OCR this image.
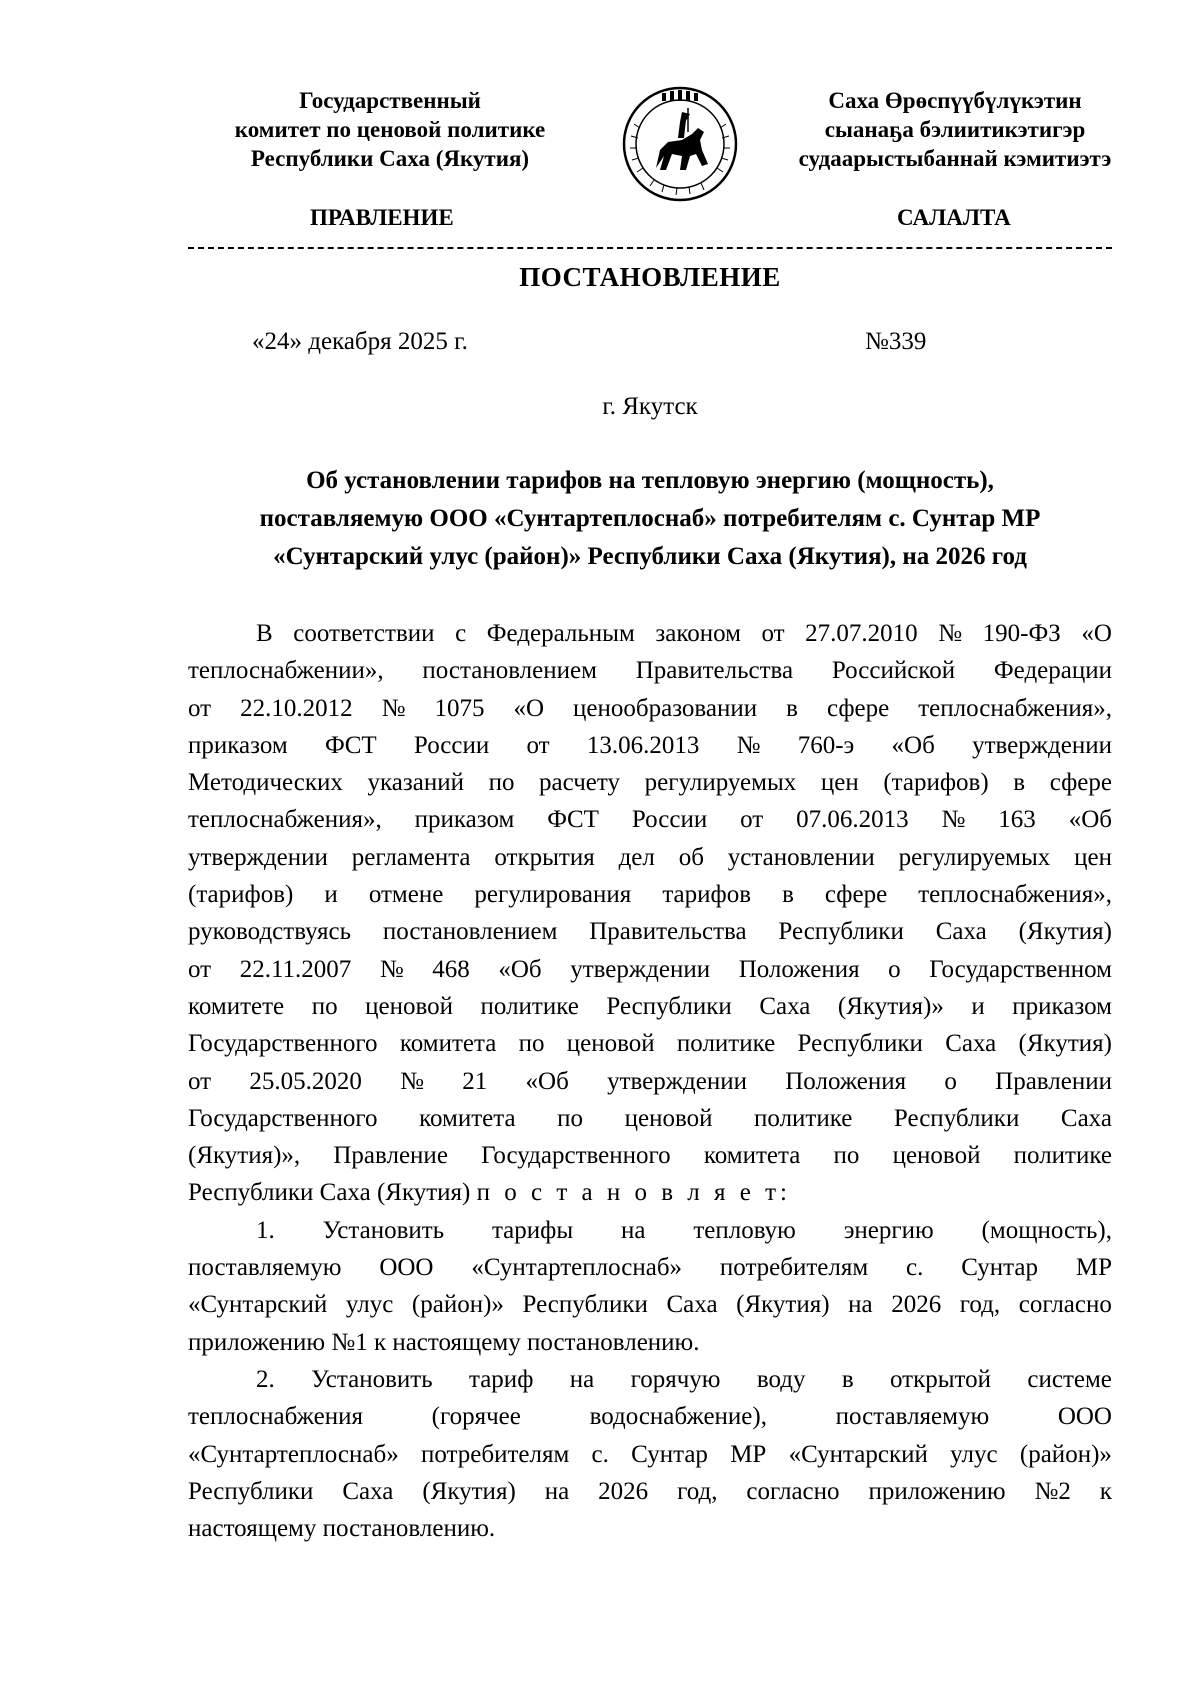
Государственный
комитет по ценовой политике
Республики Саха (Якутия)
Саха Өрөспүүбүлүкэтин
сыанаҕа бэлиитикэтигэр
судаарыстыбаннай кэмитиэтэ
ПРАВЛЕНИЕ	САЛАЛТА
ПОСТАНОВЛЕНИЕ
«24» декабря 2025 г.	№339
г. Якутск
Об установлении тарифов на тепловую энергию (мощность),
поставляемую ООО «Сунтартеплоснаб» потребителям с. Сунтар МР
«Сунтарский улус (район)» Республики Саха (Якутия), на 2026 год
В соответствии с Федеральным законом от 27.07.2010 № 190-ФЗ «О
теплоснабжении», постановлением Правительства Российской Федерации
от 22.10.2012 № 1075 «О ценообразовании в сфере теплоснабжения»,
приказом ФСТ России от 13.06.2013 № 760-э «Об утверждении
Методических указаний по расчету регулируемых цен (тарифов) в сфере
теплоснабжения», приказом ФСТ России от 07.06.2013 № 163 «Об
утверждении регламента открытия дел об установлении регулируемых цен
(тарифов) и отмене регулирования тарифов в сфере теплоснабжения»,
руководствуясь постановлением Правительства Республики Саха (Якутия)
от 22.11.2007 № 468 «Об утверждении Положения о Государственном
комитете по ценовой политике Республики Саха (Якутия)» и приказом
Государственного комитета по ценовой политике Республики Саха (Якутия)
от 25.05.2020 № 21 «Об утверждении Положения о Правлении
Государственного комитета по ценовой политике Республики Саха
(Якутия)», Правление Государственного комитета по ценовой политике
Республики Саха (Якутия)
п о с т а н о в л я е т:
1. Установить тарифы на тепловую энергию (мощность),
поставляемую ООО «Сунтартеплоснаб» потребителям с. Сунтар МР
«Сунтарский улус (район)» Республики Саха (Якутия) на 2026 год, согласно
приложению №1 к настоящему постановлению.
2. Установить тариф на горячую воду в открытой системе
теплоснабжения	(горячее	водоснабжение),	поставляемую	ООО
«Сунтартеплоснаб» потребителям с. Сунтар МР «Сунтарский улус (район)»
Республики Саха (Якутия) на 2026 год, согласно приложению №2 к
настоящему постановлению.
